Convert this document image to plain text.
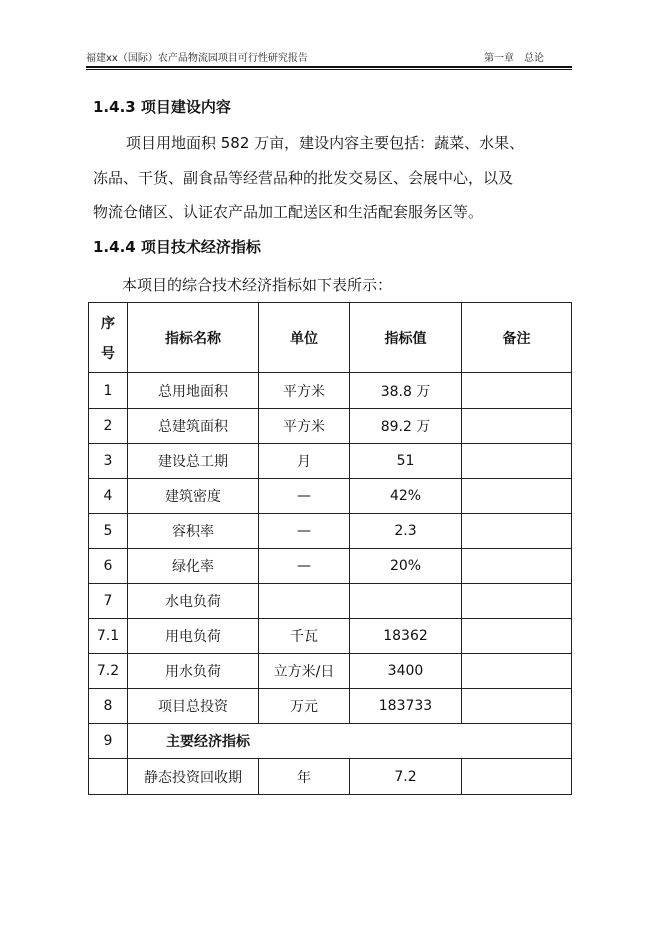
福建xx（国际）农产品物流园项目可行性研究报告	第一章　总论
1.4.3 项目建设内容
项目用地面积 582 万亩，建设内容主要包括：蔬菜、水果、
冻品、干货、副食品等经营品种的批发交易区、会展中心，以及
物流仓储区、认证农产品加工配送区和生活配套服务区等。
1.4.4 项目技术经济指标
本项目的综合技术经济指标如下表所示：
序
号	指标名称	单位	指标值	备注
1	总用地面积	平方米	38.8 万	
2	总建筑面积	平方米	89.2 万	
3	建设总工期	月	51	
4	建筑密度	—	42%	
5	容积率	—	2.3	
6	绿化率	—	20%	
7	水电负荷			
7.1	用电负荷	千瓦	18362	
7.2	用水负荷	立方米/日	3400	
8	项目总投资	万元	183733	
9	主要经济指标			
	静态投资回收期	年	7.2	
